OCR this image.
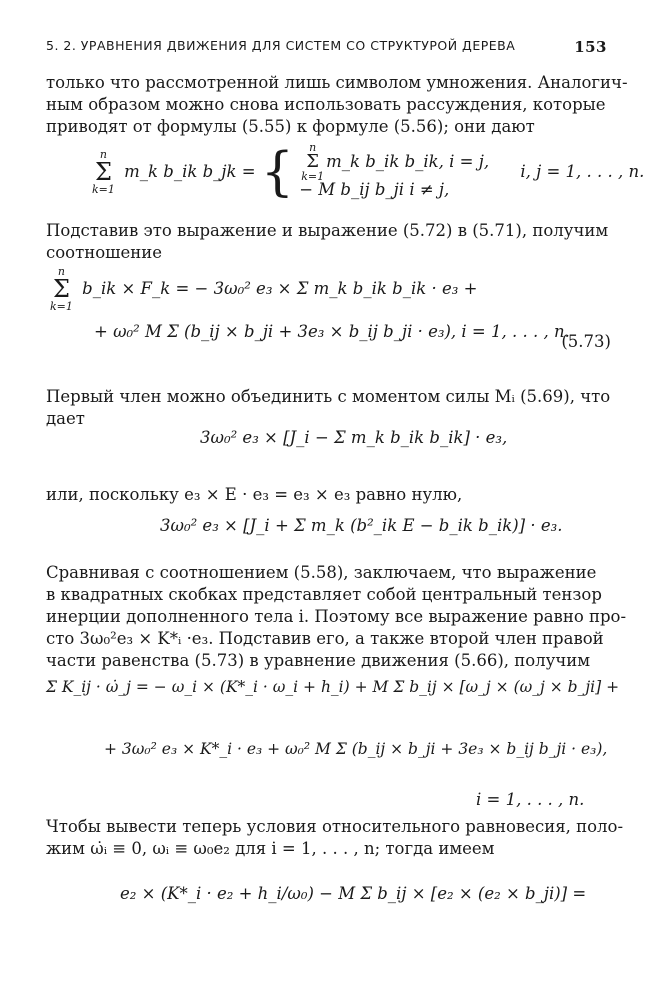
5. 2. УРАВНЕНИЯ ДВИЖЕНИЯ ДЛЯ СИСТЕМ СО СТРУКТУРОЙ ДЕРЕВА	153
только что рассмотренной лишь символом умножения. Аналогич-
ным образом можно снова использовать рассуждения, которые
приводят от формулы (5.55) к формуле (5.56); они дают
n
Σ
k=1
m_k b_ik b_jk = {	n
Σ
k=1
m_k b_ik b_ik, i = j,
− M b_ij b_ji i ≠ j,
i, j = 1, . . . , n.
Подставив это выражение и выражение (5.72) в (5.71), получим
соотношение
n
Σ
k=1
b_ik × F_k = − 3ω₀² e₃ × Σ m_k b_ik b_ik · e₃ +
+ ω₀² M Σ (b_ij × b_ji + 3e₃ × b_ij b_ji · e₃), i = 1, . . . , n.
(5.73)
Первый член можно объединить с моментом силы Mᵢ (5.69), что
дает
3ω₀² e₃ × [J_i − Σ m_k b_ik b_ik] · e₃,
или, поскольку e₃ × E · e₃ = e₃ × e₃ равно нулю,
3ω₀² e₃ × [J_i + Σ m_k (b²_ik E − b_ik b_ik)] · e₃.
Сравнивая с соотношением (5.58), заключаем, что выражение
в квадратных скобках представляет собой центральный тензор
инерции дополненного тела i. Поэтому все выражение равно про-
сто 3ω₀²e₃ × K*ᵢ ·e₃. Подставив его, а также второй член правой
части равенства (5.73) в уравнение движения (5.66), получим
Σ K_ij · ω̇_j = − ω_i × (K*_i · ω_i + h_i) + M Σ b_ij × [ω_j × (ω_j × b_ji] +
+ 3ω₀² e₃ × K*_i · e₃ + ω₀² M Σ (b_ij × b_ji + 3e₃ × b_ij b_ji · e₃),
i = 1, . . . , n.
Чтобы вывести теперь условия относительного равновесия, поло-
жим ω̇ᵢ ≡ 0, ωᵢ ≡ ω₀e₂ для i = 1, . . . , n; тогда имеем
e₂ × (K*_i · e₂ + h_i/ω₀) − M Σ b_ij × [e₂ × (e₂ × b_ji)] =
